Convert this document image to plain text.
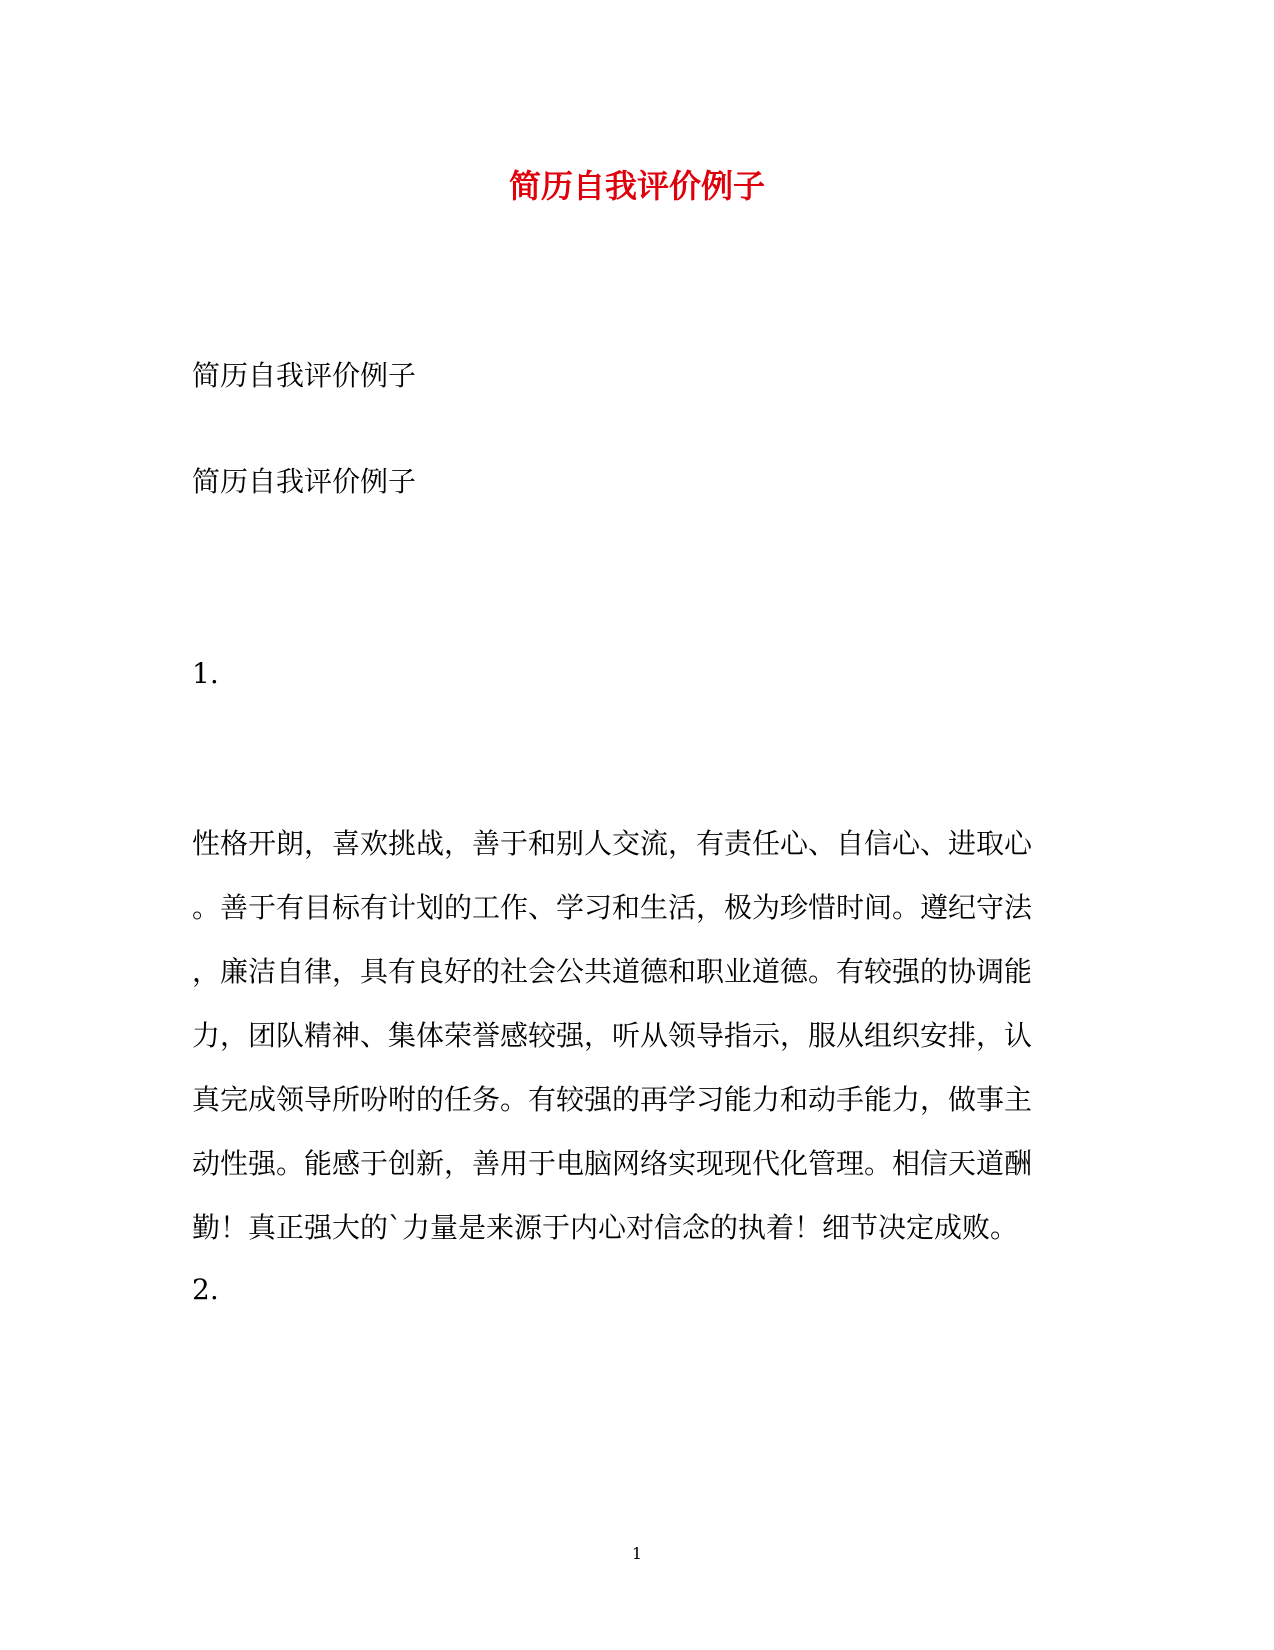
简历自我评价例子

简历自我评价例子

简历自我评价例子

1.

性格开朗，喜欢挑战，善于和别人交流，有责任心、自信心、进取心
。善于有目标有计划的工作、学习和生活，极为珍惜时间。遵纪守法
，廉洁自律，具有良好的社会公共道德和职业道德。有较强的协调能
力，团队精神、集体荣誉感较强，听从领导指示，服从组织安排，认
真完成领导所吩咐的任务。有较强的再学习能力和动手能力，做事主
动性强。能感于创新，善用于电脑网络实现现代化管理。相信天道酬
勤！真正强大的`力量是来源于内心对信念的执着！细节决定成败。

2.

1
